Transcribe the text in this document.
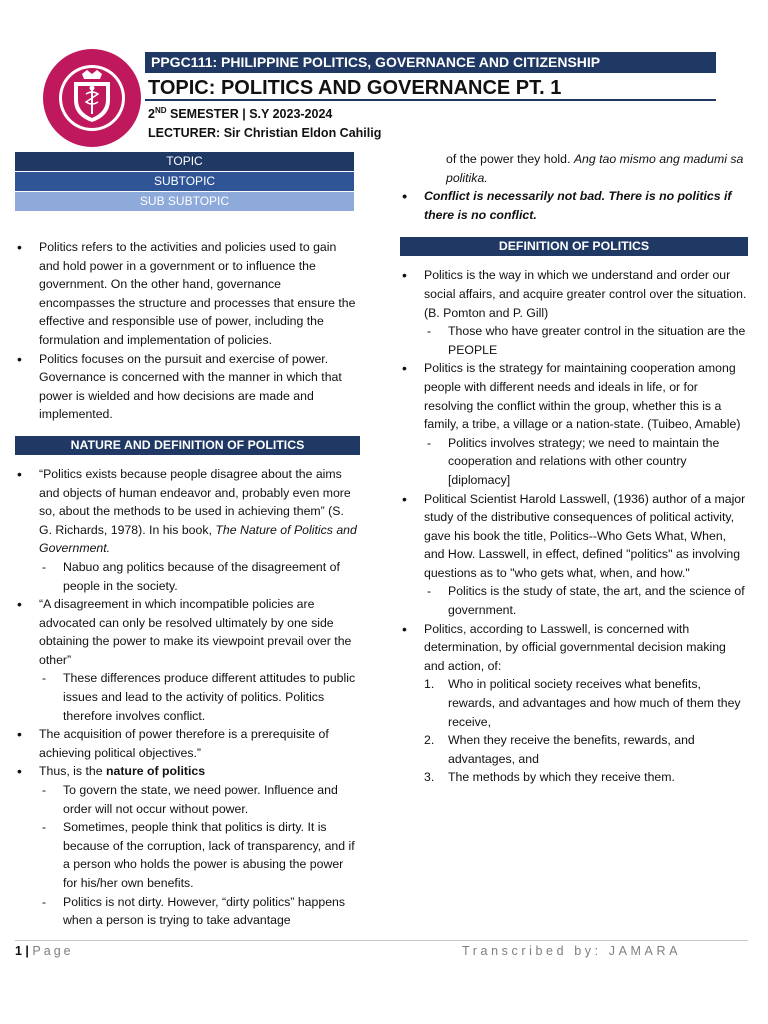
PPGC111: PHILIPPINE POLITICS, GOVERNANCE AND CITIZENSHIP
TOPIC: POLITICS AND GOVERNANCE PT. 1
2ND SEMESTER | S.Y 2023-2024
LECTURER: Sir Christian Eldon Cahilig
TOPIC
SUBTOPIC
SUB SUBTOPIC
• Politics refers to the activities and policies used to gain and hold power in a government or to influence the government. On the other hand, governance encompasses the structure and processes that ensure the effective and responsible use of power, including the formulation and implementation of policies.
• Politics focuses on the pursuit and exercise of power. Governance is concerned with the manner in which that power is wielded and how decisions are made and implemented.
NATURE AND DEFINITION OF POLITICS
• “Politics exists because people disagree about the aims and objects of human endeavor and, probably even more so, about the methods to be used in achieving them” (S. G. Richards, 1978). In his book, The Nature of Politics and Government.
- Nabuo ang politics because of the disagreement of people in the society.
• “A disagreement in which incompatible policies are advocated can only be resolved ultimately by one side obtaining the power to make its viewpoint prevail over the other”
- These differences produce different attitudes to public issues and lead to the activity of politics. Politics therefore involves conflict.
• The acquisition of power therefore is a prerequisite of achieving political objectives.”
• Thus, is the nature of politics
- To govern the state, we need power. Influence and order will not occur without power.
- Sometimes, people think that politics is dirty. It is because of the corruption, lack of transparency, and if a person who holds the power is abusing the power for his/her own benefits.
- Politics is not dirty. However, “dirty politics” happens when a person is trying to take advantage
of the power they hold. Ang tao mismo ang madumi sa politika.
• Conflict is necessarily not bad. There is no politics if there is no conflict.
DEFINITION OF POLITICS
• Politics is the way in which we understand and order our social affairs, and acquire greater control over the situation. (B. Pomton and P. Gill)
- Those who have greater control in the situation are the PEOPLE
• Politics is the strategy for maintaining cooperation among people with different needs and ideals in life, or for resolving the conflict within the group, whether this is a family, a tribe, a village or a nation-state. (Tuibeo, Amable)
- Politics involves strategy; we need to maintain the cooperation and relations with other country [diplomacy]
• Political Scientist Harold Lasswell, (1936) author of a major study of the distributive consequences of political activity, gave his book the title, Politics--Who Gets What, When, and How. Lasswell, in effect, defined "politics" as involving questions as to "who gets what, when, and how."
- Politics is the study of state, the art, and the science of government.
• Politics, according to Lasswell, is concerned with determination, by official governmental decision making and action, of:
1. Who in political society receives what benefits, rewards, and advantages and how much of them they receive,
2. When they receive the benefits, rewards, and advantages, and
3. The methods by which they receive them.
1 | Page	Transcribed by: JAMARA
